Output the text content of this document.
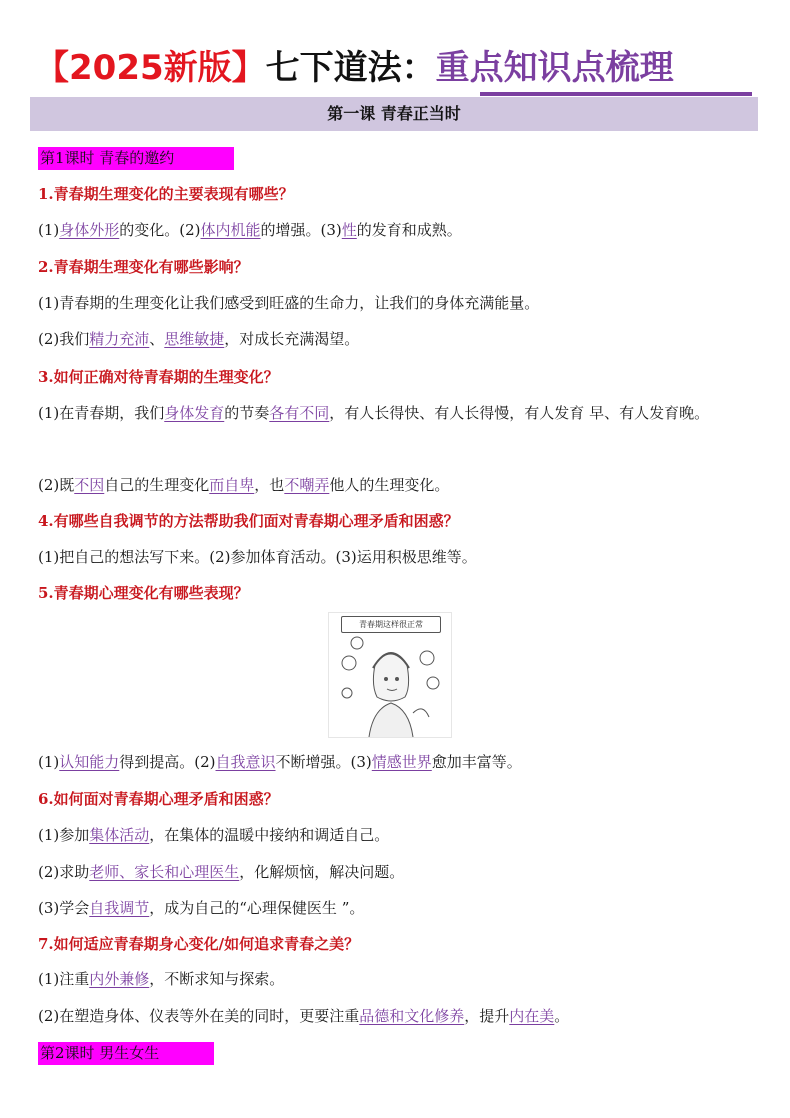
【2025新版】七下道法：重点知识点梳理
第一课 青春正当时
第1课时 青春的邀约
1.青春期生理变化的主要表现有哪些？
(1)身体外形的变化。(2)体内机能的增强。(3)性的发育和成熟。
2.青春期生理变化有哪些影响？
(1)青春期的生理变化让我们感受到旺盛的生命力，让我们的身体充满能量。
(2)我们精力充沛、思维敏捷，对成长充满渴望。
3.如何正确对待青春期的生理变化？
(1)在青春期，我们身体发育的节奏各有不同，有人长得快、有人长得慢，有人发育 早、有人发育晚。
(2)既不因自己的生理变化而自卑，也不嘲弄他人的生理变化。
4.有哪些自我调节的方法帮助我们面对青春期心理矛盾和困惑？
(1)把自己的想法写下来。(2)参加体育活动。(3)运用积极思维等。
5.青春期心理变化有哪些表现？
青春期这样很正常
(1)认知能力得到提高。(2)自我意识不断增强。(3)情感世界愈加丰富等。
6.如何面对青春期心理矛盾和困惑？
(1)参加集体活动，在集体的温暖中接纳和调适自己。
(2)求助老师、家长和心理医生，化解烦恼，解决问题。
(3)学会自我调节，成为自己的“心理保健医生 ”。
7.如何适应青春期身心变化/如何追求青春之美？
(1)注重内外兼修，不断求知与探索。
(2)在塑造身体、仪表等外在美的同时，更要注重品德和文化修养，提升内在美。
第2课时 男生女生
